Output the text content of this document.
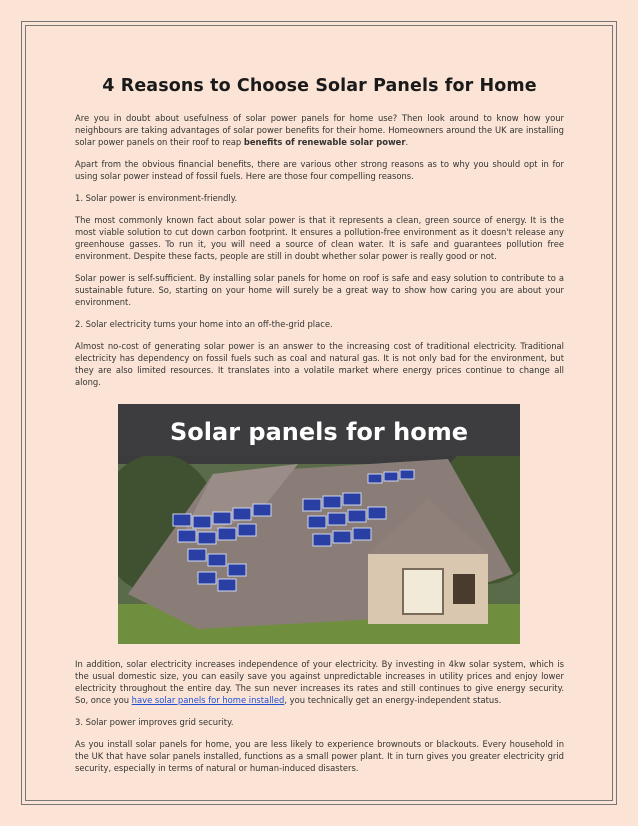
4 Reasons to Choose Solar Panels for Home

Are you in doubt about usefulness of solar power panels for home use? Then look around to know how your neighbours are taking advantages of solar power benefits for their home. Homeowners around the UK are installing solar power panels on their roof to reap benefits of renewable solar power.

Apart from the obvious financial benefits, there are various other strong reasons as to why you should opt in for using solar power instead of fossil fuels. Here are those four compelling reasons.

1. Solar power is environment-friendly.

The most commonly known fact about solar power is that it represents a clean, green source of energy. It is the most viable solution to cut down carbon footprint. It ensures a pollution-free environment as it doesn't release any greenhouse gasses. To run it, you will need a source of clean water. It is safe and guarantees pollution free environment. Despite these facts, people are still in doubt whether solar power is really good or not.

Solar power is self-sufficient. By installing solar panels for home on roof is safe and easy solution to contribute to a sustainable future. So, starting on your home will surely be a great way to show how caring you are about your environment.

2. Solar electricity turns your home into an off-the-grid place.

Almost no-cost of generating solar power is an answer to the increasing cost of traditional electricity. Traditional electricity has dependency on fossil fuels such as coal and natural gas. It is not only bad for the environment, but they are also limited resources. It translates into a volatile market where energy prices continue to change all along.

Solar panels for home

In addition, solar electricity increases independence of your electricity. By investing in 4kw solar system, which is the usual domestic size, you can easily save you against unpredictable increases in utility prices and enjoy lower electricity throughout the entire day. The sun never increases its rates and still continues to give energy security. So, once you have solar panels for home installed, you technically get an energy-independent status.

3. Solar power improves grid security.

As you install solar panels for home, you are less likely to experience brownouts or blackouts. Every household in the UK that have solar panels installed, functions as a small power plant. It in turn gives you greater electricity grid security, especially in terms of natural or human-induced disasters.
